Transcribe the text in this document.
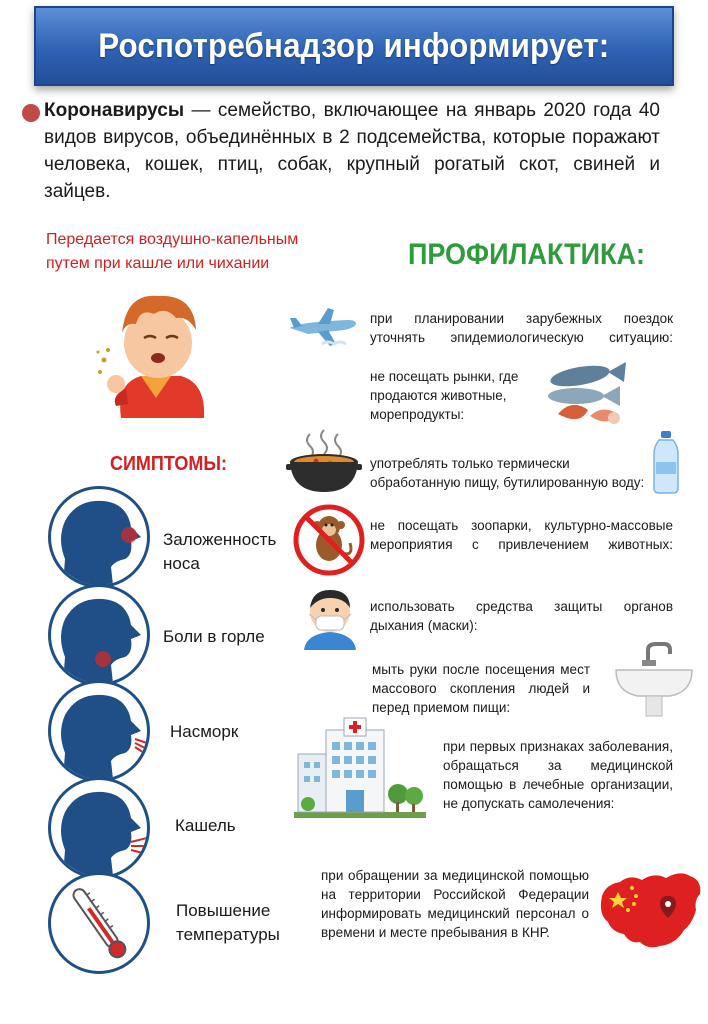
Роспотребнадзор информирует:

Коронавирусы — семейство, включающее на январь 2020 года 40 видов вирусов, объединённых в 2 подсемейства, которые поражают человека, кошек, птиц, собак, крупный рогатый скот, свиней и зайцев.

Передается воздушно-капельным
путем при кашле или чихании
СИМПТОМЫ:
Заложенность
носа
Боли в горле
Насморк
Кашель
Повышение
температуры
ПРОФИЛАКТИКА:
при планировании зарубежных поездок уточнять эпидемиологическую ситуацию:
не посещать рынки, где продаются животные, морепродукты:
употреблять только термически обработанную пищу, бутилированную воду:
не посещать зоопарки, культурно-массовые мероприятия с привлечением животных:
использовать средства защиты органов дыхания (маски):
мыть руки после посещения мест массового скопления людей и перед приемом пищи:
при первых признаках заболевания, обращаться за медицинской помощью в лечебные организации, не допускать самолечения:
при обращении за медицинской помощью на территории Российской Федерации информировать медицинский персонал о времени и месте пребывания в КНР.
